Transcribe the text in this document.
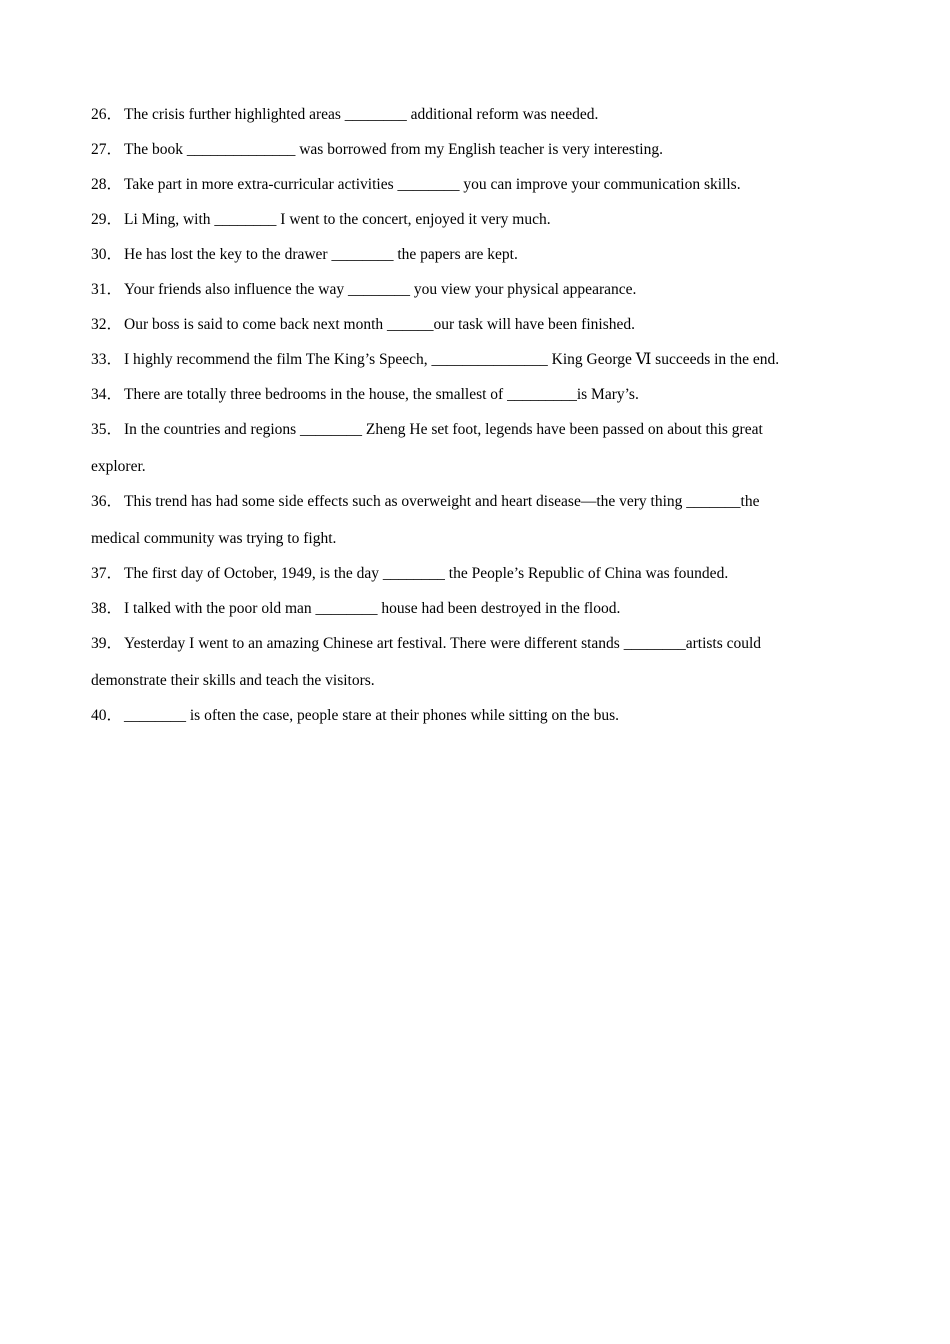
26． The crisis further highlighted areas ________ additional reform was needed.
27． The book ______________ was borrowed from my English teacher is very interesting.
28． Take part in more extra-curricular activities ________ you can improve your communication skills.
29． Li Ming, with ________ I went to the concert, enjoyed it very much.
30． He has lost the key to the drawer ________ the papers are kept.
31． Your friends also influence the way ________ you view your physical appearance.
32． Our boss is said to come back next month ______our task will have been finished.
33． I highly recommend the film The King’s Speech, _______________ King George Ⅵ succeeds in the end.
34． There are totally three bedrooms in the house, the smallest of _________is Mary’s.
35． In the countries and regions ________ Zheng He set foot, legends have been passed on about this great
explorer.
36． This trend has had some side effects such as overweight and heart disease—the very thing _______the
medical community was trying to fight.
37． The first day of October, 1949, is the day ________ the People’s Republic of China was founded.
38． I talked with the poor old man ________ house had been destroyed in the flood.
39． Yesterday I went to an amazing Chinese art festival. There were different stands ________artists could
demonstrate their skills and teach the visitors.
40． ________ is often the case, people stare at their phones while sitting on the bus.
